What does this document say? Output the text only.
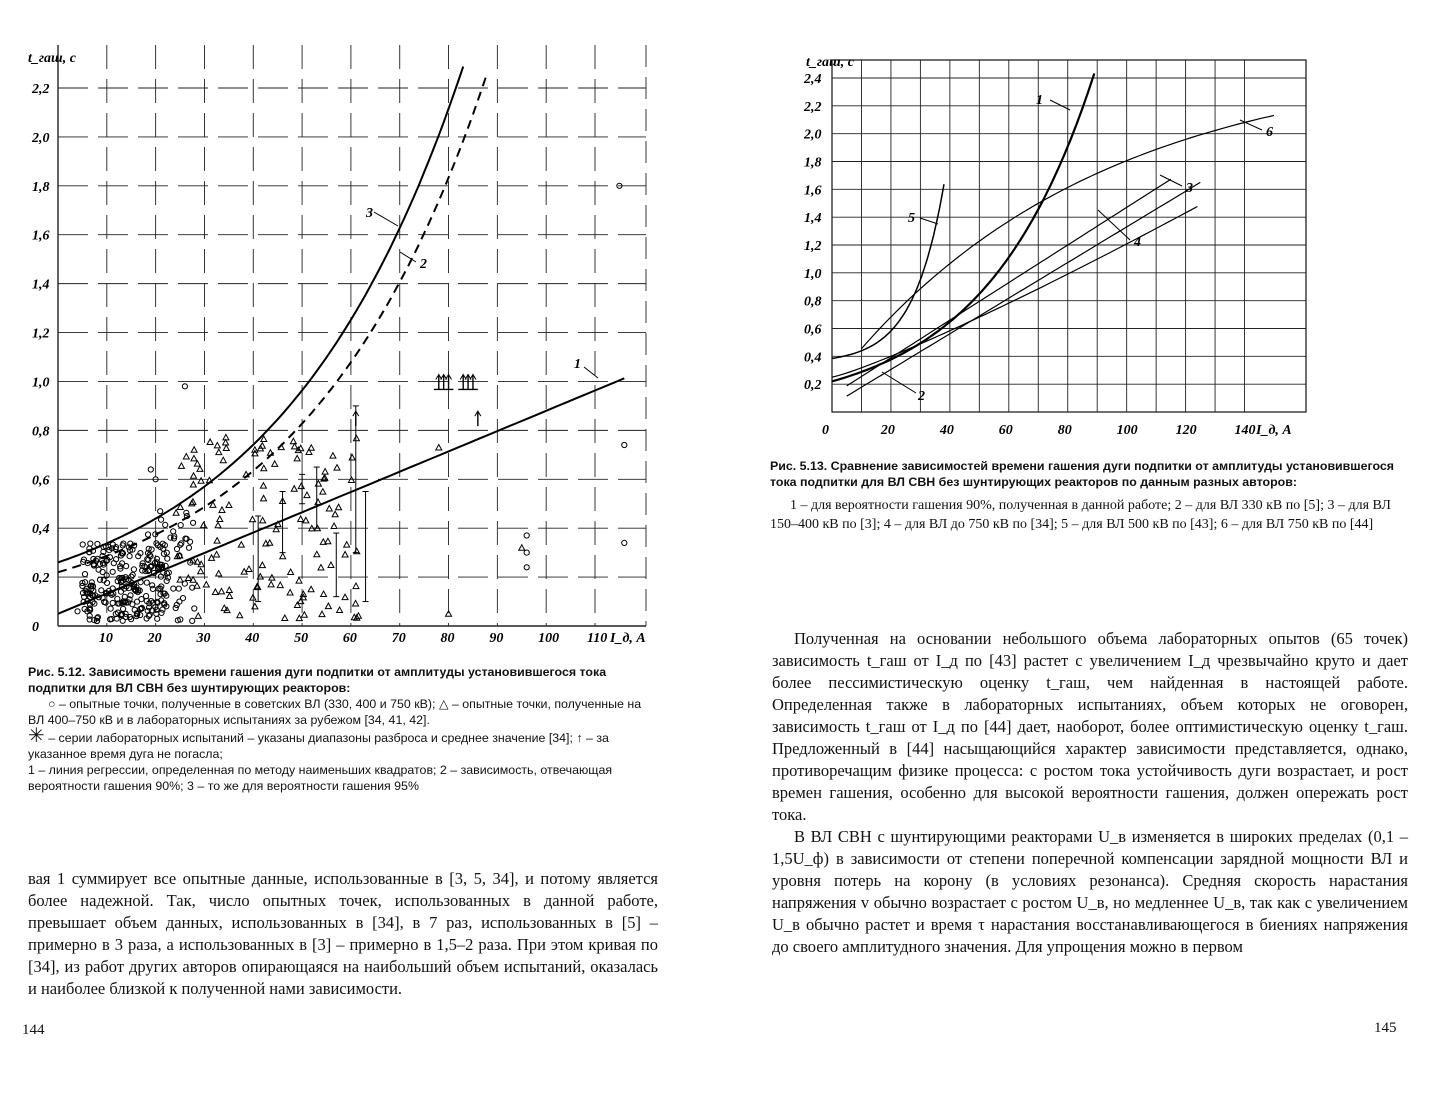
2,2
2,0
1,8
1,6
1,4
1,2
1,0
0,8
0,6
0,4
0,2
0
10 20 30 40 50 60 70 80 90 100 110
3
2
1
t_гаш, с
I_д, А
2,4
2,2
2,0
1,8
1,6
1,4
1,2
1,0
0,8
0,6
0,4
0,2
0	20	40	60	80	100	120	140
1
6
3
4
5
2
t_гаш, с
I_д, А
Рис. 5.12. Зависимость времени гашения дуги подпитки от амплитуды установившегося тока подпитки для ВЛ СВН без шунтирующих реакторов:
○ – опытные точки, полученные в советских ВЛ (330, 400 и 750 кВ); △ – опытные точки, полученные на ВЛ 400–750 кВ и в лабораторных испытаниях за рубежом [34, 41, 42].
✳ – серии лабораторных испытаний – указаны диапазоны разброса и среднее значение [34]; ↑ – за указанное время дуга не погасла;
1 – линия регрессии, определенная по методу наименьших квадратов; 2 – зависимость, отвечающая вероятности гашения 90%; 3 – то же для вероятности гашения 95%

вая 1 суммирует все опытные данные, использованные в [3, 5, 34], и потому является более надежной. Так, число опытных точек, использованных в данной работе, превышает объем данных, использованных в [34], в 7 раз, использованных в [5] – примерно в 3 раза, а использованных в [3] – примерно в 1,5–2 раза. При этом кривая по [34], из работ других авторов опирающаяся на наибольший объем испытаний, оказалась и наиболее близкой к полученной нами зависимости.

144
Рис. 5.13. Сравнение зависимостей времени гашения дуги подпитки от амплитуды установившегося тока подпитки для ВЛ СВН без шунтирующих реакторов по данным разных авторов:
1 – для вероятности гашения 90%, полученная в данной работе; 2 – для ВЛ 330 кВ по [5]; 3 – для ВЛ 150–400 кВ по [3]; 4 – для ВЛ до 750 кВ по [34]; 5 – для ВЛ 500 кВ по [43]; 6 – для ВЛ 750 кВ по [44]

Полученная на основании небольшого объема лабораторных опытов (65 точек) зависимость t_гаш от I_д по [43] растет с увеличением I_д чрезвычайно круто и дает более пессимистическую оценку t_гаш, чем найденная в настоящей работе. Определенная также в лабораторных испытаниях, объем которых не оговорен, зависимость t_гаш от I_д по [44] дает, наоборот, более оптимистическую оценку t_гаш. Предложенный в [44] насыщающийся характер зависимости представляется, однако, противоречащим физике процесса: с ростом тока устойчивость дуги возрастает, и рост времен гашения, особенно для высокой вероятности гашения, должен опережать рост тока.

В ВЛ СВН с шунтирующими реакторами U_в изменяется в широких пределах (0,1 – 1,5U_ф) в зависимости от степени поперечной компенсации зарядной мощности ВЛ и уровня потерь на корону (в условиях резонанса). Средняя скорость нарастания напряжения v обычно возрастает с ростом U_в, но медленнее U_в, так как с увеличением U_в обычно растет и время τ нарастания восстанавливающегося в биениях напряжения до своего амплитудного значения. Для упрощения можно в первом

145
